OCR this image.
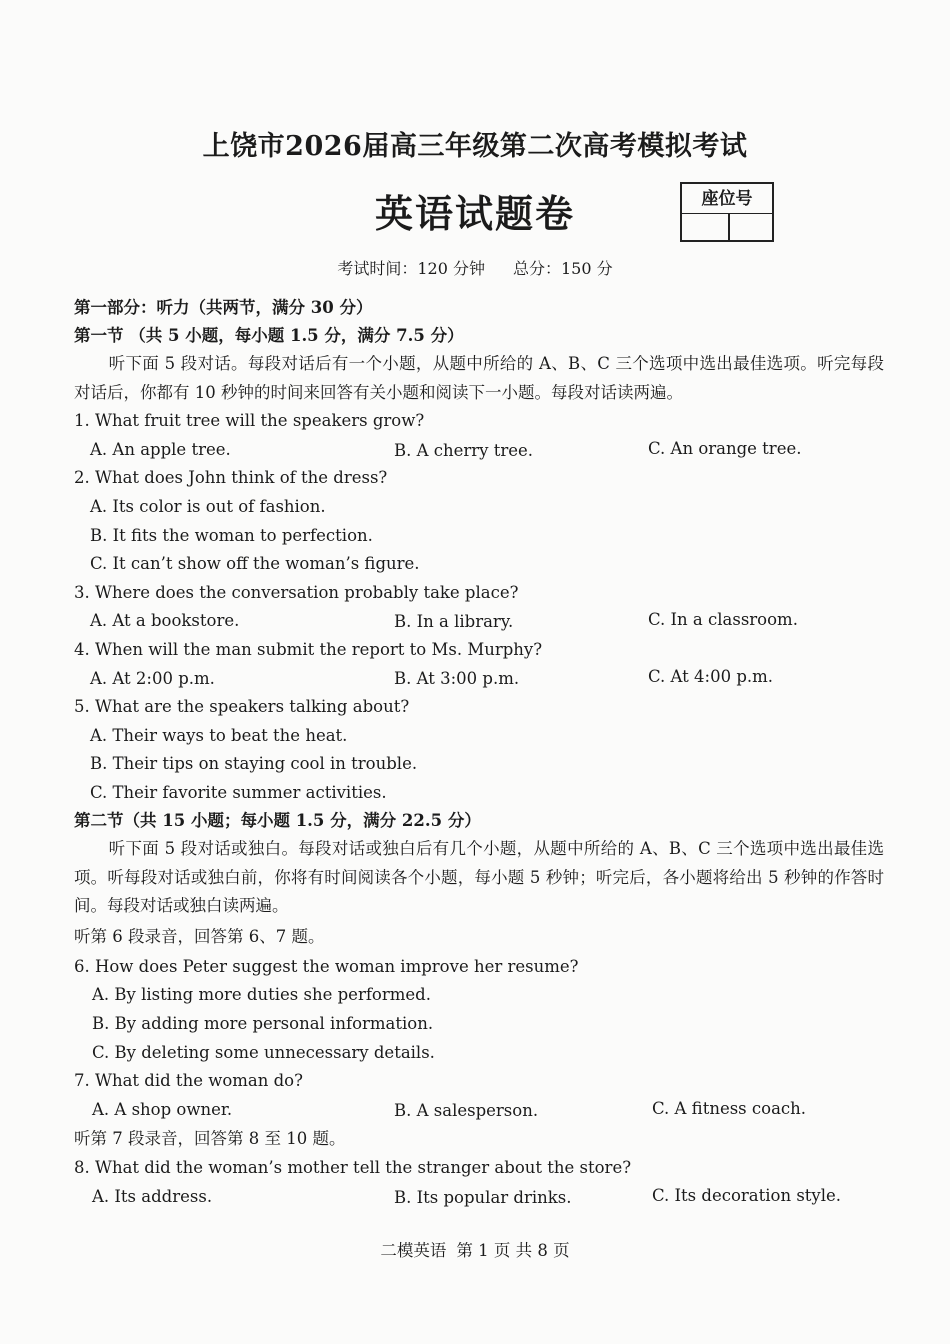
上饶市2026届高三年级第二次高考模拟考试
英语试题卷	座位号
考试时间：120 分钟 总分：150 分
第一部分：听力（共两节，满分 30 分）
第一节 （共 5 小题，每小题 1.5 分，满分 7.5 分）
听下面 5 段对话。每段对话后有一个小题，从题中所给的 A、B、C 三个选项中选出最佳选项。听完每段对话后，你都有 10 秒钟的时间来回答有关小题和阅读下一小题。每段对话读两遍。
1. What fruit tree will the speakers grow?
A. An apple tree.	B. A cherry tree.	C. An orange tree.
2. What does John think of the dress?
A. Its color is out of fashion.
B. It fits the woman to perfection.
C. It can’t show off the woman’s figure.
3. Where does the conversation probably take place?
A. At a bookstore.	B. In a library.	C. In a classroom.
4. When will the man submit the report to Ms. Murphy?
A. At 2:00 p.m.	B. At 3:00 p.m.	C. At 4:00 p.m.
5. What are the speakers talking about?
A. Their ways to beat the heat.
B. Their tips on staying cool in trouble.
C. Their favorite summer activities.
第二节（共 15 小题；每小题 1.5 分，满分 22.5 分）
听下面 5 段对话或独白。每段对话或独白后有几个小题，从题中所给的 A、B、C 三个选项中选出最佳选项。听每段对话或独白前，你将有时间阅读各个小题，每小题 5 秒钟；听完后，各小题将给出 5 秒钟的作答时间。每段对话或独白读两遍。
听第 6 段录音，回答第 6、7 题。
6. How does Peter suggest the woman improve her resume?
A. By listing more duties she performed.
B. By adding more personal information.
C. By deleting some unnecessary details.
7. What did the woman do?
A. A shop owner.	B. A salesperson.	C. A fitness coach.
听第 7 段录音，回答第 8 至 10 题。
8. What did the woman’s mother tell the stranger about the store?
A. Its address.	B. Its popular drinks.	C. Its decoration style.
二模英语 第 1 页 共 8 页
